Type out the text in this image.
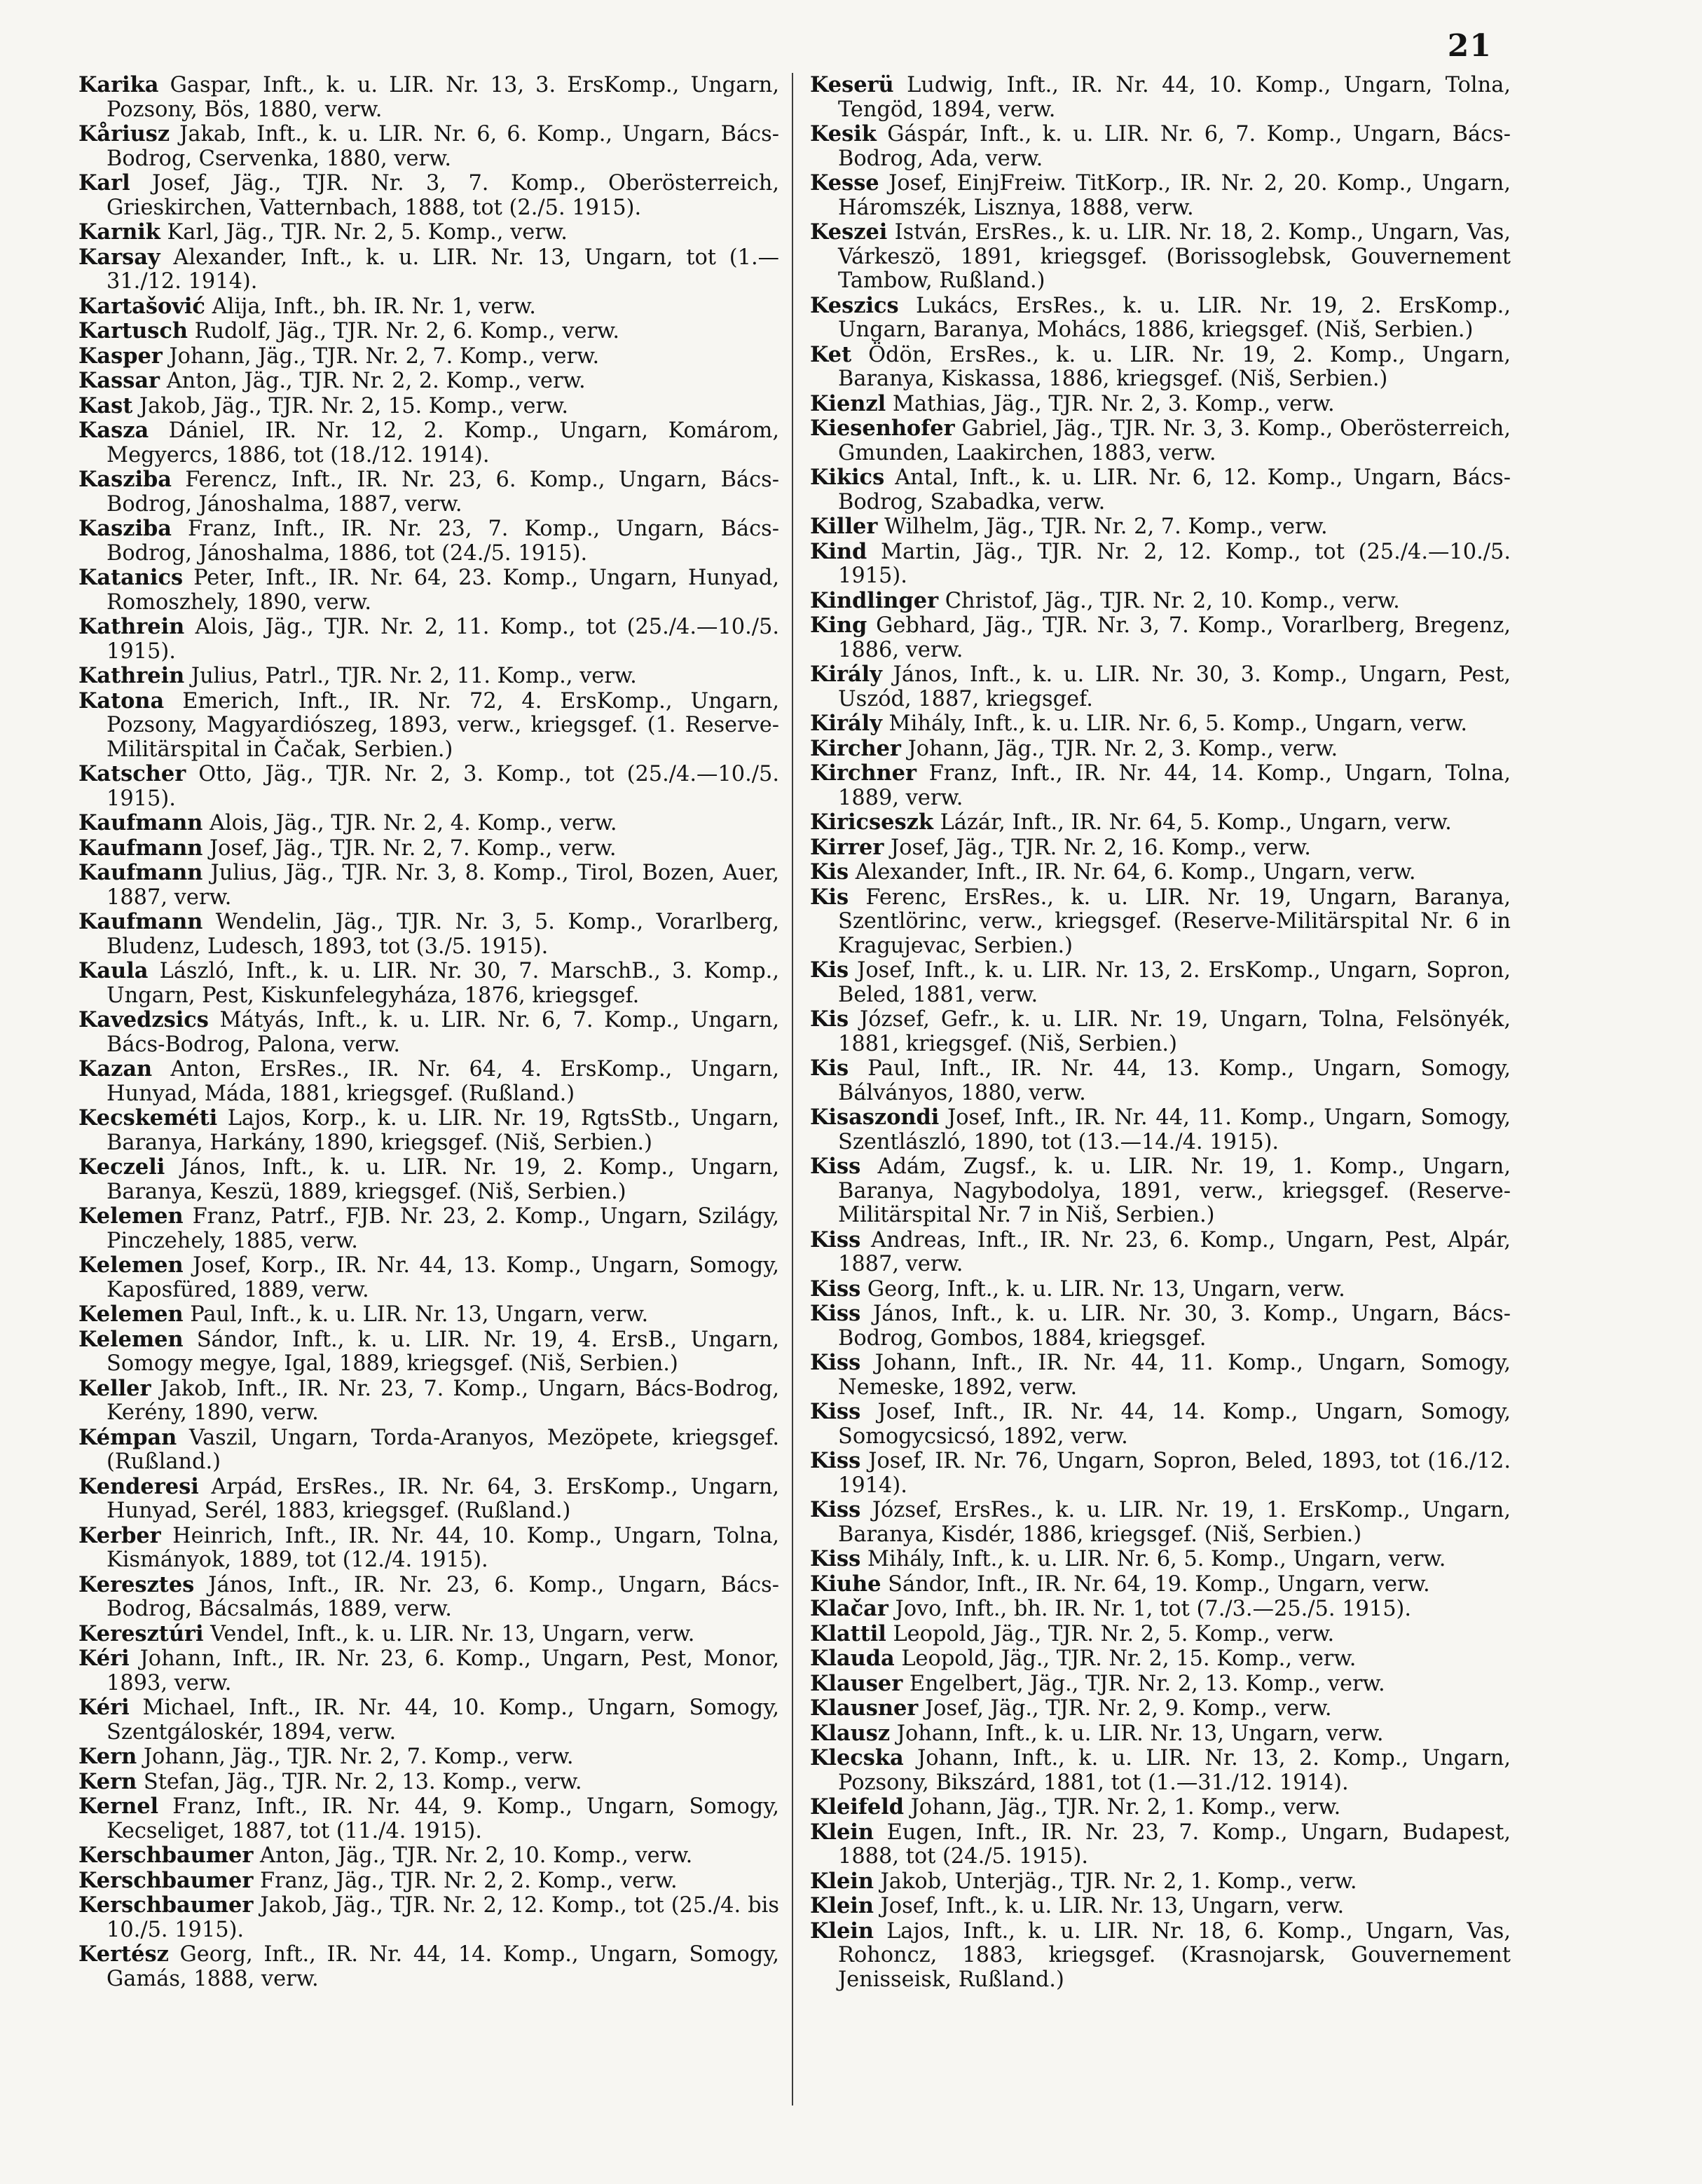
21

Karika Gaspar, Inft., k. u. LIR. Nr. 13, 3. ErsKomp., Ungarn, Pozsony, Bös, 1880, verw.

Kåriusz Jakab, Inft., k. u. LIR. Nr. 6, 6. Komp., Ungarn, Bács-Bodrog, Cservenka, 1880, verw.

Karl Josef, Jäg., TJR. Nr. 3, 7. Komp., Oberösterreich, Grieskirchen, Vatternbach, 1888, tot (2./5. 1915).

Karnik Karl, Jäg., TJR. Nr. 2, 5. Komp., verw.

Karsay Alexander, Inft., k. u. LIR. Nr. 13, Ungarn, tot (1.—31./12. 1914).

Kartašović Alija, Inft., bh. IR. Nr. 1, verw.

Kartusch Rudolf, Jäg., TJR. Nr. 2, 6. Komp., verw.

Kasper Johann, Jäg., TJR. Nr. 2, 7. Komp., verw.

Kassar Anton, Jäg., TJR. Nr. 2, 2. Komp., verw.

Kast Jakob, Jäg., TJR. Nr. 2, 15. Komp., verw.

Kasza Dániel, IR. Nr. 12, 2. Komp., Ungarn, Komárom, Megyercs, 1886, tot (18./12. 1914).

Kasziba Ferencz, Inft., IR. Nr. 23, 6. Komp., Ungarn, Bács-Bodrog, Jánoshalma, 1887, verw.

Kasziba Franz, Inft., IR. Nr. 23, 7. Komp., Ungarn, Bács-Bodrog, Jánoshalma, 1886, tot (24./5. 1915).

Katanics Peter, Inft., IR. Nr. 64, 23. Komp., Ungarn, Hunyad, Romoszhely, 1890, verw.

Kathrein Alois, Jäg., TJR. Nr. 2, 11. Komp., tot (25./4.—10./5. 1915).

Kathrein Julius, Patrl., TJR. Nr. 2, 11. Komp., verw.

Katona Emerich, Inft., IR. Nr. 72, 4. ErsKomp., Ungarn, Pozsony, Magyardiószeg, 1893, verw., kriegsgef. (1. Reserve-Militärspital in Čačak, Serbien.)

Katscher Otto, Jäg., TJR. Nr. 2, 3. Komp., tot (25./4.—10./5. 1915).

Kaufmann Alois, Jäg., TJR. Nr. 2, 4. Komp., verw.

Kaufmann Josef, Jäg., TJR. Nr. 2, 7. Komp., verw.

Kaufmann Julius, Jäg., TJR. Nr. 3, 8. Komp., Tirol, Bozen, Auer, 1887, verw.

Kaufmann Wendelin, Jäg., TJR. Nr. 3, 5. Komp., Vorarlberg, Bludenz, Ludesch, 1893, tot (3./5. 1915).

Kaula László, Inft., k. u. LIR. Nr. 30, 7. MarschB., 3. Komp., Ungarn, Pest, Kiskunfelegyháza, 1876, kriegsgef.

Kavedzsics Mátyás, Inft., k. u. LIR. Nr. 6, 7. Komp., Ungarn, Bács-Bodrog, Palona, verw.

Kazan Anton, ErsRes., IR. Nr. 64, 4. ErsKomp., Ungarn, Hunyad, Máda, 1881, kriegsgef. (Rußland.)

Kecskeméti Lajos, Korp., k. u. LIR. Nr. 19, RgtsStb., Ungarn, Baranya, Harkány, 1890, kriegsgef. (Niš, Serbien.)

Keczeli János, Inft., k. u. LIR. Nr. 19, 2. Komp., Ungarn, Baranya, Keszü, 1889, kriegsgef. (Niš, Serbien.)

Kelemen Franz, Patrf., FJB. Nr. 23, 2. Komp., Ungarn, Szilágy, Pinczehely, 1885, verw.

Kelemen Josef, Korp., IR. Nr. 44, 13. Komp., Ungarn, Somogy, Kaposfüred, 1889, verw.

Kelemen Paul, Inft., k. u. LIR. Nr. 13, Ungarn, verw.

Kelemen Sándor, Inft., k. u. LIR. Nr. 19, 4. ErsB., Ungarn, Somogy megye, Igal, 1889, kriegsgef. (Niš, Serbien.)

Keller Jakob, Inft., IR. Nr. 23, 7. Komp., Ungarn, Bács-Bodrog, Kerény, 1890, verw.

Kémpan Vaszil, Ungarn, Torda-Aranyos, Mezöpete, kriegsgef. (Rußland.)

Kenderesi Arpád, ErsRes., IR. Nr. 64, 3. ErsKomp., Ungarn, Hunyad, Serél, 1883, kriegsgef. (Rußland.)

Kerber Heinrich, Inft., IR. Nr. 44, 10. Komp., Ungarn, Tolna, Kismányok, 1889, tot (12./4. 1915).

Keresztes János, Inft., IR. Nr. 23, 6. Komp., Ungarn, Bács-Bodrog, Bácsalmás, 1889, verw.

Keresztúri Vendel, Inft., k. u. LIR. Nr. 13, Ungarn, verw.

Kéri Johann, Inft., IR. Nr. 23, 6. Komp., Ungarn, Pest, Monor, 1893, verw.

Kéri Michael, Inft., IR. Nr. 44, 10. Komp., Ungarn, Somogy, Szentgáloskér, 1894, verw.

Kern Johann, Jäg., TJR. Nr. 2, 7. Komp., verw.

Kern Stefan, Jäg., TJR. Nr. 2, 13. Komp., verw.

Kernel Franz, Inft., IR. Nr. 44, 9. Komp., Ungarn, Somogy, Kecseliget, 1887, tot (11./4. 1915).

Kerschbaumer Anton, Jäg., TJR. Nr. 2, 10. Komp., verw.

Kerschbaumer Franz, Jäg., TJR. Nr. 2, 2. Komp., verw.

Kerschbaumer Jakob, Jäg., TJR. Nr. 2, 12. Komp., tot (25./4. bis 10./5. 1915).

Kertész Georg, Inft., IR. Nr. 44, 14. Komp., Ungarn, Somogy, Gamás, 1888, verw.

Keserü Ludwig, Inft., IR. Nr. 44, 10. Komp., Ungarn, Tolna, Tengöd, 1894, verw.

Kesik Gáspár, Inft., k. u. LIR. Nr. 6, 7. Komp., Ungarn, Bács-Bodrog, Ada, verw.

Kesse Josef, EinjFreiw. TitKorp., IR. Nr. 2, 20. Komp., Ungarn, Háromszék, Lisznya, 1888, verw.

Keszei István, ErsRes., k. u. LIR. Nr. 18, 2. Komp., Ungarn, Vas, Várkeszö, 1891, kriegsgef. (Borissoglebsk, Gouvernement Tambow, Rußland.)

Keszics Lukács, ErsRes., k. u. LIR. Nr. 19, 2. ErsKomp., Ungarn, Baranya, Mohács, 1886, kriegsgef. (Niš, Serbien.)

Ket Ödön, ErsRes., k. u. LIR. Nr. 19, 2. Komp., Ungarn, Baranya, Kiskassa, 1886, kriegsgef. (Niš, Serbien.)

Kienzl Mathias, Jäg., TJR. Nr. 2, 3. Komp., verw.

Kiesenhofer Gabriel, Jäg., TJR. Nr. 3, 3. Komp., Oberösterreich, Gmunden, Laakirchen, 1883, verw.

Kikics Antal, Inft., k. u. LIR. Nr. 6, 12. Komp., Ungarn, Bács-Bodrog, Szabadka, verw.

Killer Wilhelm, Jäg., TJR. Nr. 2, 7. Komp., verw.

Kind Martin, Jäg., TJR. Nr. 2, 12. Komp., tot (25./4.—10./5. 1915).

Kindlinger Christof, Jäg., TJR. Nr. 2, 10. Komp., verw.

King Gebhard, Jäg., TJR. Nr. 3, 7. Komp., Vorarlberg, Bregenz, 1886, verw.

Király János, Inft., k. u. LIR. Nr. 30, 3. Komp., Ungarn, Pest, Uszód, 1887, kriegsgef.

Király Mihály, Inft., k. u. LIR. Nr. 6, 5. Komp., Ungarn, verw.

Kircher Johann, Jäg., TJR. Nr. 2, 3. Komp., verw.

Kirchner Franz, Inft., IR. Nr. 44, 14. Komp., Ungarn, Tolna, 1889, verw.

Kiricseszk Lázár, Inft., IR. Nr. 64, 5. Komp., Ungarn, verw.

Kirrer Josef, Jäg., TJR. Nr. 2, 16. Komp., verw.

Kis Alexander, Inft., IR. Nr. 64, 6. Komp., Ungarn, verw.

Kis Ferenc, ErsRes., k. u. LIR. Nr. 19, Ungarn, Baranya, Szentlörinc, verw., kriegsgef. (Reserve-Militärspital Nr. 6 in Kragujevac, Serbien.)

Kis Josef, Inft., k. u. LIR. Nr. 13, 2. ErsKomp., Ungarn, Sopron, Beled, 1881, verw.

Kis József, Gefr., k. u. LIR. Nr. 19, Ungarn, Tolna, Felsönyék, 1881, kriegsgef. (Niš, Serbien.)

Kis Paul, Inft., IR. Nr. 44, 13. Komp., Ungarn, Somogy, Bálványos, 1880, verw.

Kisaszondi Josef, Inft., IR. Nr. 44, 11. Komp., Ungarn, Somogy, Szentlászló, 1890, tot (13.—14./4. 1915).

Kiss Adám, Zugsf., k. u. LIR. Nr. 19, 1. Komp., Ungarn, Baranya, Nagybodolya, 1891, verw., kriegsgef. (Reserve-Militärspital Nr. 7 in Niš, Serbien.)

Kiss Andreas, Inft., IR. Nr. 23, 6. Komp., Ungarn, Pest, Alpár, 1887, verw.

Kiss Georg, Inft., k. u. LIR. Nr. 13, Ungarn, verw.

Kiss János, Inft., k. u. LIR. Nr. 30, 3. Komp., Ungarn, Bács-Bodrog, Gombos, 1884, kriegsgef.

Kiss Johann, Inft., IR. Nr. 44, 11. Komp., Ungarn, Somogy, Nemeske, 1892, verw.

Kiss Josef, Inft., IR. Nr. 44, 14. Komp., Ungarn, Somogy, Somogycsicsó, 1892, verw.

Kiss Josef, IR. Nr. 76, Ungarn, Sopron, Beled, 1893, tot (16./12. 1914).

Kiss József, ErsRes., k. u. LIR. Nr. 19, 1. ErsKomp., Ungarn, Baranya, Kisdér, 1886, kriegsgef. (Niš, Serbien.)

Kiss Mihály, Inft., k. u. LIR. Nr. 6, 5. Komp., Ungarn, verw.

Kiuhe Sándor, Inft., IR. Nr. 64, 19. Komp., Ungarn, verw.

Klačar Jovo, Inft., bh. IR. Nr. 1, tot (7./3.—25./5. 1915).

Klattil Leopold, Jäg., TJR. Nr. 2, 5. Komp., verw.

Klauda Leopold, Jäg., TJR. Nr. 2, 15. Komp., verw.

Klauser Engelbert, Jäg., TJR. Nr. 2, 13. Komp., verw.

Klausner Josef, Jäg., TJR. Nr. 2, 9. Komp., verw.

Klausz Johann, Inft., k. u. LIR. Nr. 13, Ungarn, verw.

Klecska Johann, Inft., k. u. LIR. Nr. 13, 2. Komp., Ungarn, Pozsony, Bikszárd, 1881, tot (1.—31./12. 1914).

Kleifeld Johann, Jäg., TJR. Nr. 2, 1. Komp., verw.

Klein Eugen, Inft., IR. Nr. 23, 7. Komp., Ungarn, Budapest, 1888, tot (24./5. 1915).

Klein Jakob, Unterjäg., TJR. Nr. 2, 1. Komp., verw.

Klein Josef, Inft., k. u. LIR. Nr. 13, Ungarn, verw.

Klein Lajos, Inft., k. u. LIR. Nr. 18, 6. Komp., Ungarn, Vas, Rohoncz, 1883, kriegsgef. (Krasnojarsk, Gouvernement Jenisseisk, Rußland.)
